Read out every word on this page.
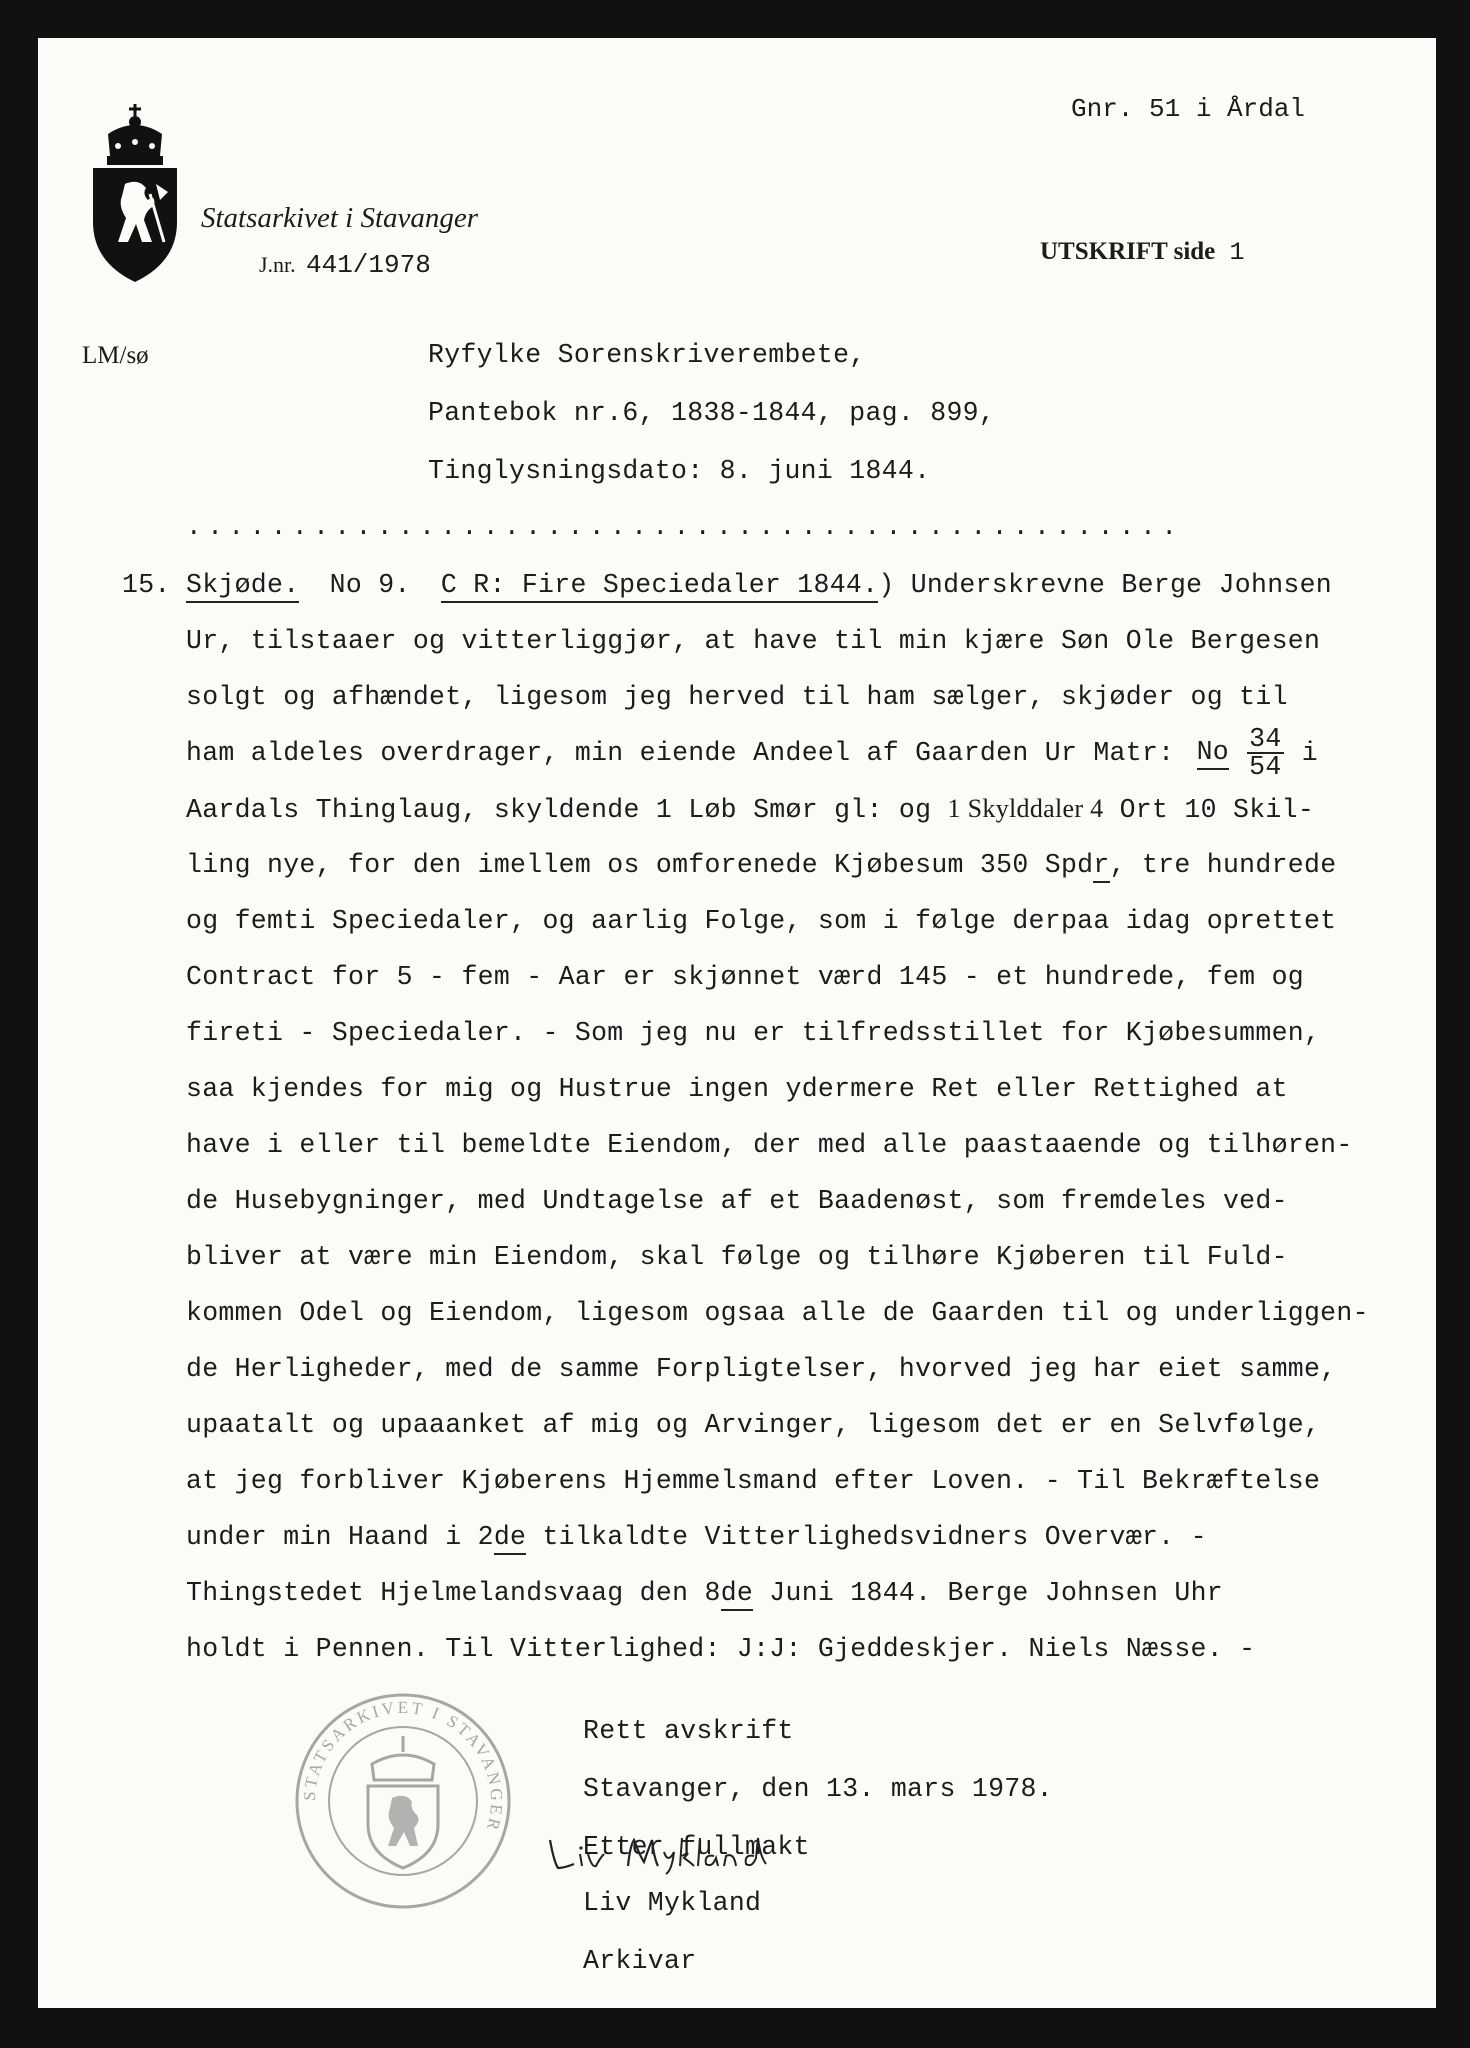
Gnr. 51 i Årdal
Statsarkivet i Stavanger
J.nr. 441/1978	UTSKRIFT side 1
LM/sø	Ryfylke Sorenskriverembete,
Pantebok nr.6, 1838-1844, pag. 899,
Tinglysningsdato: 8. juni 1844.
...............................................
15. Skjøde. No 9. C R: Fire Speciedaler 1844.) Underskrevne Berge Johnsen
Ur, tilstaaer og vitterliggjør, at have til min kjære Søn Ole Bergesen
solgt og afhændet, ligesom jeg herved til ham sælger, skjøder og til
ham aldeles overdrager, min eiende Andeel af Gaarden Ur Matr: No $\frac{34}{54}$ i
Aardals Thinglaug, skyldende 1 Løb Smør gl: og 1 Skylddaler 4 Ort 10 Skil-
ling nye, for den imellem os omforenede Kjøbesum 350 Spdr, tre hundrede
og femti Speciedaler, og aarlig Folge, som i følge derpaa idag oprettet
Contract for 5 - fem - Aar er skjønnet værd 145 - et hundrede, fem og
fireti - Speciedaler. - Som jeg nu er tilfredsstillet for Kjøbesummen,
saa kjendes for mig og Hustrue ingen ydermere Ret eller Rettighed at
have i eller til bemeldte Eiendom, der med alle paastaaende og tilhøren-
de Husebygninger, med Undtagelse af et Baadenøst, som fremdeles ved-
bliver at være min Eiendom, skal følge og tilhøre Kjøberen til Fuld-
kommen Odel og Eiendom, ligesom ogsaa alle de Gaarden til og underliggen-
de Herligheder, med de samme Forpligtelser, hvorved jeg har eiet samme,
upaatalt og upaaanket af mig og Arvinger, ligesom det er en Selvfølge,
at jeg forbliver Kjøberens Hjemmelsmand efter Loven. - Til Bekræftelse
under min Haand i 2de tilkaldte Vitterlighedsvidners Overvær. -
Thingstedet Hjelmelandsvaag den 8de Juni 1844. Berge Johnsen Uhr
holdt i Pennen. Til Vitterlighed: J:J: Gjeddeskjer. Niels Næsse. -
STATSARKIVET I STAVANGER
Rett avskrift
Stavanger, den 13. mars 1978.
Etter fullmakt
Liv Mykland
Arkivar
